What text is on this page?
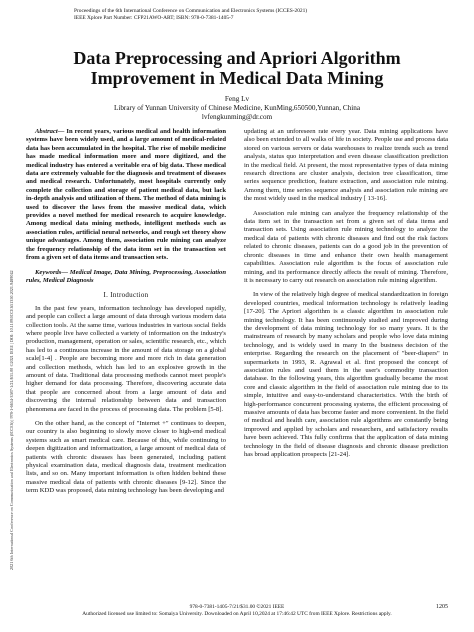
Proceedings of the 6th International Conference on Communication and Electronics Systems (ICCES-2021)
IEEE Xplore Part Number: CFP21AWO-ART; ISBN: 978-0-7381-1405-7
2021 6th International Conference on Communication and Electronics Systems (ICCES) | 978-1-6654-3587-1/21/$31.00 ©2021 IEEE | DOI: 10.1109/ICCES51350.2021.9489042
Data Preprocessing and Apriori Algorithm
Improvement in Medical Data Mining
Feng Lv
Library of Yunnan University of Chinese Medicine, KunMing,650500,Yunnan, China
lvfengkunming@dr.com

Abstract— In recent years, various medical and health information systems have been widely used, and a large amount of medical-related data has been accumulated in the hospital. The rise of mobile medicine has made medical information more and more digitized, and the medical industry has entered a veritable era of big data. These medical data are extremely valuable for the diagnosis and treatment of diseases and medical research. Unfortunately, most hospitals currently only complete the collection and storage of patient medical data, but lack in-depth analysis and utilization of them. The method of data mining is used to discover the laws from the massive medical data, which provides a novel method for medical research to acquire knowledge. Among medical data mining methods, intelligent methods such as association rules, artificial neural networks, and rough set theory show unique advantages. Among them, association rule mining can analyze the frequency relationship of the data item set in the transaction set from a given set of data items and transaction sets.

Keywords— Medical Image, Data Mining, Preprocessing, Association rules, Medical Diagnosis

I. Introduction

In the past few years, information technology has developed rapidly, and people can collect a large amount of data through various modern data collection tools. At the same time, various industries in various social fields where people live have collected a variety of information on the industry's production, management, operation or sales, scientific research, etc., which has led to a continuous increase in the amount of data storage on a global scale[1-4] . People are becoming more and more rich in data generation and collection methods, which has led to an explosive growth in the amount of data. Traditional data processing methods cannot meet people's higher demand for data processing. Therefore, discovering accurate data that people are concerned about from a large amount of data and discovering the internal relationship between data and transaction phenomena are faced in the process of processing data. The problem [5-8].

On the other hand, as the concept of "Internet +" continues to deepen, our country is also beginning to slowly move closer to high-end medical systems such as smart medical care. Because of this, while continuing to deepen digitization and informatization, a large amount of medical data of patients with chronic diseases has been generated, including patient physical examination data, medical diagnosis data, treatment medication lists, and so on. Many important information is often hidden behind these massive medical data of patients with chronic diseases [9-12]. Since the term KDD was proposed, data mining technology has been developing and

updating at an unforeseen rate every year. Data mining applications have also been extended to all walks of life in society. People use and process data stored on various servers or data warehouses to realize trends such as trend analysis, status quo interpretation and even disease classification prediction in the medical field. At present, the most representative types of data mining research directions are cluster analysis, decision tree classification, time series sequence prediction, feature extraction, and association rule mining. Among them, time series sequence analysis and association rule mining are the most widely used in the medical industry [ 13-16].

Association rule mining can analyze the frequency relationship of the data item set in the transaction set from a given set of data items and transaction sets. Using association rule mining technology to analyze the medical data of patients with chronic diseases and find out the risk factors related to chronic diseases, patients can do a good job in the prevention of chronic diseases in time and enhance their own health management capabilities. Association rule algorithm is the focus of association rule mining, and its performance directly affects the result of mining. Therefore, it is necessary to carry out research on association rule mining algorithm.

In view of the relatively high degree of medical standardization in foreign developed countries, medical information technology is relatively leading [17-20]. The Apriori algorithm is a classic algorithm in association rule mining technology. It has been continuously studied and improved during the development of data mining technology for so many years. It is the mainstream of research by many scholars and people who love data mining technology, and is widely used in many In the business decision of the enterprise. Regarding the research on the placement of "beer-diapers" in supermarkets in 1993, R. Agrawal et al. first proposed the concept of association rules and used them in the user's commodity transaction database. In the following years, this algorithm gradually became the most core and classic algorithm in the field of association rule mining due to its simple, intuitive and easy-to-understand characteristics. With the birth of high-performance concurrent processing systems, the efficient processing of massive amounts of data has become faster and more convenient. In the field of medical and health care, association rule algorithms are constantly being improved and applied by scholars and researchers, and satisfactory results have been achieved. This fully confirms that the application of data mining technology in the field of disease diagnosis and chronic disease prediction has broad application prospects [21-24].

978-0-7381-1405-7/21/$31.00 ©2021 IEEE
Authorized licensed use limited to: Somaiya University. Downloaded on April 10,2024 at 17:46:42 UTC from IEEE Xplore. Restrictions apply.
1205
